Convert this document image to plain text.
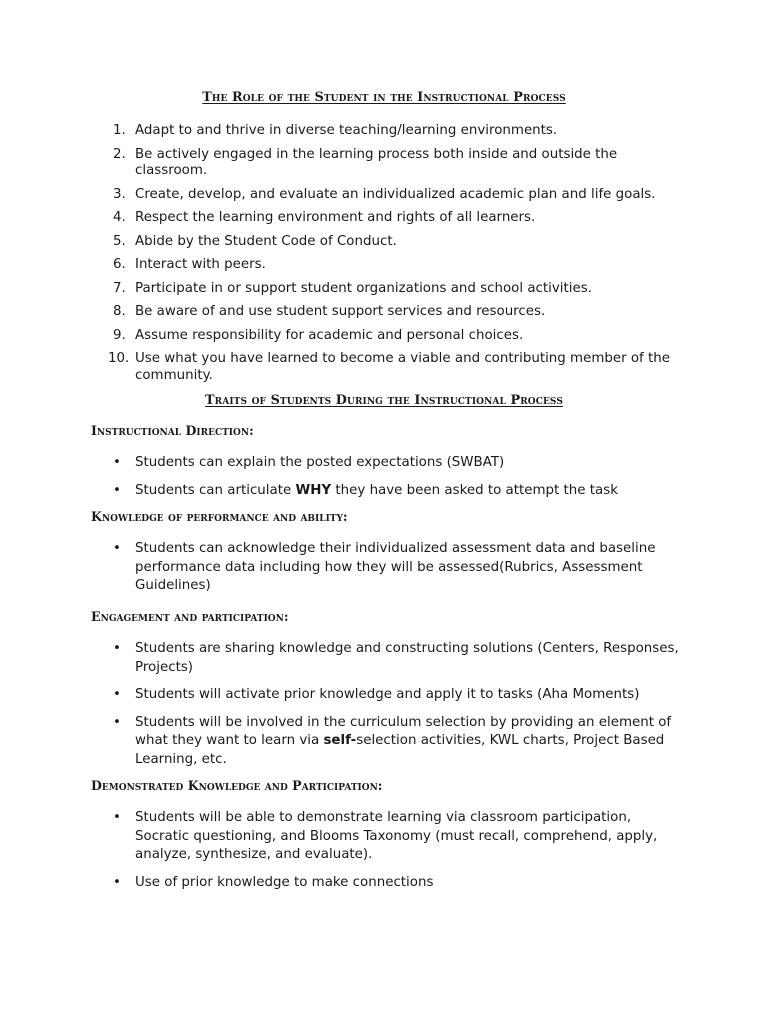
The Role of the Student in the Instructional Process
1. Adapt to and thrive in diverse teaching/learning environments.
2. Be actively engaged in the learning process both inside and outside the classroom.
3. Create, develop, and evaluate an individualized academic plan and life goals.
4. Respect the learning environment and rights of all learners.
5. Abide by the Student Code of Conduct.
6. Interact with peers.
7. Participate in or support student organizations and school activities.
8. Be aware of and use student support services and resources.
9. Assume responsibility for academic and personal choices.
10. Use what you have learned to become a viable and contributing member of the community.
Traits of Students During the Instructional Process
Instructional Direction:
• Students can explain the posted expectations (SWBAT)
• Students can articulate WHY they have been asked to attempt the task
Knowledge of performance and ability:
• Students can acknowledge their individualized assessment data and baseline performance data including how they will be assessed(Rubrics, Assessment Guidelines)
Engagement and participation:
• Students are sharing knowledge and constructing solutions (Centers, Responses, Projects)
• Students will activate prior knowledge and apply it to tasks (Aha Moments)
• Students will be involved in the curriculum selection by providing an element of what they want to learn via self-selection activities, KWL charts, Project Based Learning, etc.
Demonstrated Knowledge and Participation:
• Students will be able to demonstrate learning via classroom participation, Socratic questioning, and Blooms Taxonomy (must recall, comprehend, apply, analyze, synthesize, and evaluate).
• Use of prior knowledge to make connections
